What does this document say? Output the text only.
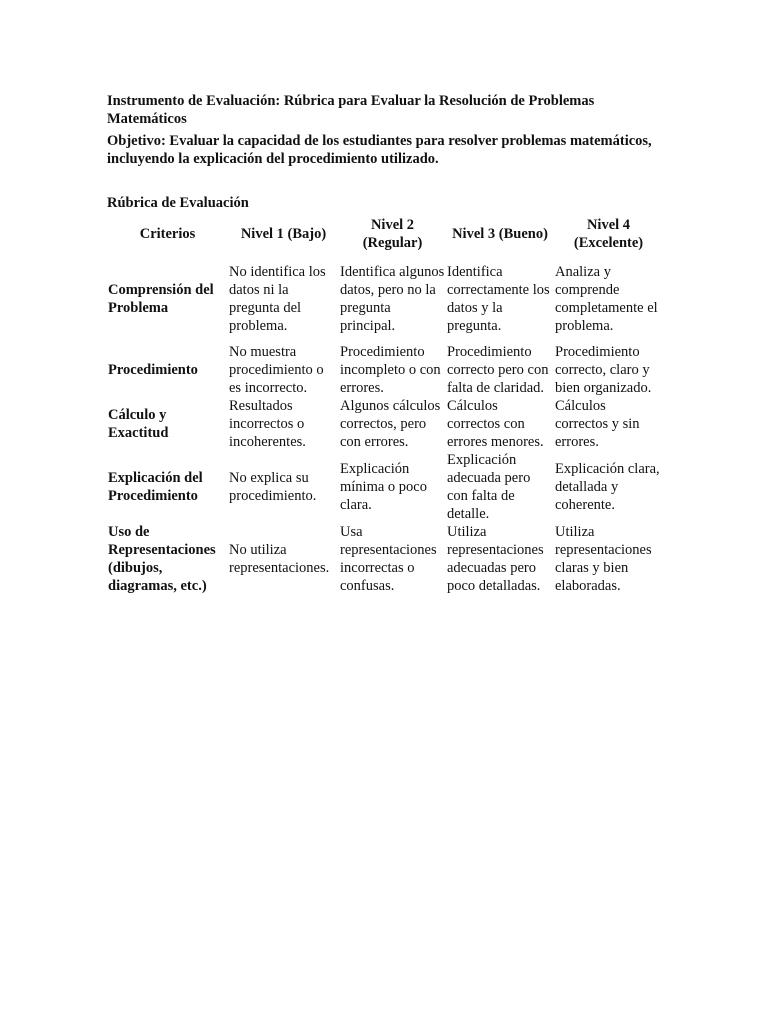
Instrumento de Evaluación: Rúbrica para Evaluar la Resolución de Problemas Matemáticos

Objetivo: Evaluar la capacidad de los estudiantes para resolver problemas matemáticos, incluyendo la explicación del procedimiento utilizado.

Rúbrica de Evaluación

Criterios	Nivel 1 (Bajo)	Nivel 2 (Regular)	Nivel 3 (Bueno)	Nivel 4 (Excelente)
Comprensión del Problema	No identifica los datos ni la pregunta del problema.	Identifica algunos datos, pero no la pregunta principal.	Identifica correctamente los datos y la pregunta.	Analiza y comprende completamente el problema.
Procedimiento	No muestra procedimiento o es incorrecto.	Procedimiento incompleto o con errores.	Procedimiento correcto pero con falta de claridad.	Procedimiento correcto, claro y bien organizado.
Cálculo y Exactitud	Resultados incorrectos o incoherentes.	Algunos cálculos correctos, pero con errores.	Cálculos correctos con errores menores.	Cálculos correctos y sin errores.
Explicación del Procedimiento	No explica su procedimiento.	Explicación mínima o poco clara.	Explicación adecuada pero con falta de detalle.	Explicación clara, detallada y coherente.
Uso de Representaciones (dibujos, diagramas, etc.)	No utiliza representaciones.	Usa representaciones incorrectas o confusas.	Utiliza representaciones adecuadas pero poco detalladas.	Utiliza representaciones claras y bien elaboradas.
